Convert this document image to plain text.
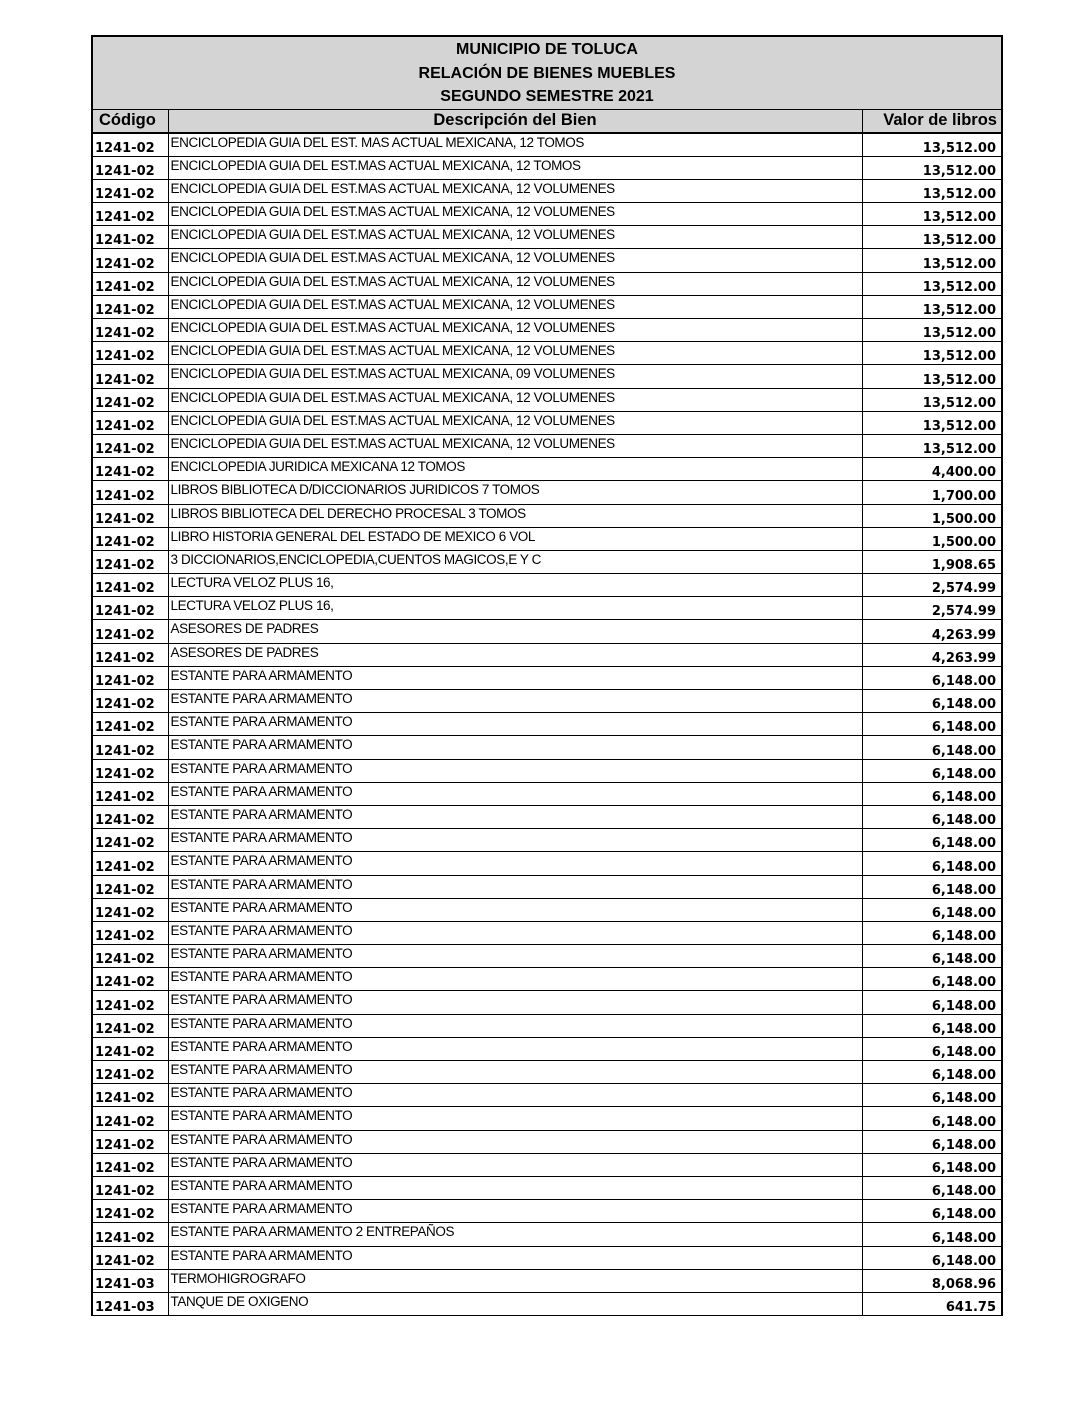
MUNICIPIO DE TOLUCA
RELACIÓN DE BIENES MUEBLES
SEGUNDO SEMESTRE 2021
Código	Descripción del Bien	Valor de libros
1241-02	ENCICLOPEDIA GUIA DEL EST. MAS ACTUAL MEXICANA, 12 TOMOS	13,512.00
1241-02	ENCICLOPEDIA GUIA DEL EST.MAS ACTUAL MEXICANA, 12 TOMOS	13,512.00
1241-02	ENCICLOPEDIA GUIA DEL EST.MAS ACTUAL MEXICANA, 12 VOLUMENES	13,512.00
1241-02	ENCICLOPEDIA GUIA DEL EST.MAS ACTUAL MEXICANA, 12 VOLUMENES	13,512.00
1241-02	ENCICLOPEDIA GUIA DEL EST.MAS ACTUAL MEXICANA, 12 VOLUMENES	13,512.00
1241-02	ENCICLOPEDIA GUIA DEL EST.MAS ACTUAL MEXICANA, 12 VOLUMENES	13,512.00
1241-02	ENCICLOPEDIA GUIA DEL EST.MAS ACTUAL MEXICANA, 12 VOLUMENES	13,512.00
1241-02	ENCICLOPEDIA GUIA DEL EST.MAS ACTUAL MEXICANA, 12 VOLUMENES	13,512.00
1241-02	ENCICLOPEDIA GUIA DEL EST.MAS ACTUAL MEXICANA, 12 VOLUMENES	13,512.00
1241-02	ENCICLOPEDIA GUIA DEL EST.MAS ACTUAL MEXICANA, 12 VOLUMENES	13,512.00
1241-02	ENCICLOPEDIA GUIA DEL EST.MAS ACTUAL MEXICANA, 09 VOLUMENES	13,512.00
1241-02	ENCICLOPEDIA GUIA DEL EST.MAS ACTUAL MEXICANA, 12 VOLUMENES	13,512.00
1241-02	ENCICLOPEDIA GUIA DEL EST.MAS ACTUAL MEXICANA, 12 VOLUMENES	13,512.00
1241-02	ENCICLOPEDIA GUIA DEL EST.MAS ACTUAL MEXICANA, 12 VOLUMENES	13,512.00
1241-02	ENCICLOPEDIA JURIDICA MEXICANA 12 TOMOS	4,400.00
1241-02	LIBROS BIBLIOTECA D/DICCIONARIOS JURIDICOS 7 TOMOS	1,700.00
1241-02	LIBROS BIBLIOTECA DEL DERECHO PROCESAL 3 TOMOS	1,500.00
1241-02	LIBRO HISTORIA GENERAL DEL ESTADO DE MEXICO 6 VOL	1,500.00
1241-02	3 DICCIONARIOS,ENCICLOPEDIA,CUENTOS MAGICOS,E Y C	1,908.65
1241-02	LECTURA VELOZ PLUS 16,	2,574.99
1241-02	LECTURA VELOZ PLUS 16,	2,574.99
1241-02	ASESORES DE PADRES	4,263.99
1241-02	ASESORES DE PADRES	4,263.99
1241-02	ESTANTE PARA ARMAMENTO	6,148.00
1241-02	ESTANTE PARA ARMAMENTO	6,148.00
1241-02	ESTANTE PARA ARMAMENTO	6,148.00
1241-02	ESTANTE PARA ARMAMENTO	6,148.00
1241-02	ESTANTE PARA ARMAMENTO	6,148.00
1241-02	ESTANTE PARA ARMAMENTO	6,148.00
1241-02	ESTANTE PARA ARMAMENTO	6,148.00
1241-02	ESTANTE PARA ARMAMENTO	6,148.00
1241-02	ESTANTE PARA ARMAMENTO	6,148.00
1241-02	ESTANTE PARA ARMAMENTO	6,148.00
1241-02	ESTANTE PARA ARMAMENTO	6,148.00
1241-02	ESTANTE PARA ARMAMENTO	6,148.00
1241-02	ESTANTE PARA ARMAMENTO	6,148.00
1241-02	ESTANTE PARA ARMAMENTO	6,148.00
1241-02	ESTANTE PARA ARMAMENTO	6,148.00
1241-02	ESTANTE PARA ARMAMENTO	6,148.00
1241-02	ESTANTE PARA ARMAMENTO	6,148.00
1241-02	ESTANTE PARA ARMAMENTO	6,148.00
1241-02	ESTANTE PARA ARMAMENTO	6,148.00
1241-02	ESTANTE PARA ARMAMENTO	6,148.00
1241-02	ESTANTE PARA ARMAMENTO	6,148.00
1241-02	ESTANTE PARA ARMAMENTO	6,148.00
1241-02	ESTANTE PARA ARMAMENTO	6,148.00
1241-02	ESTANTE PARA ARMAMENTO	6,148.00
1241-02	ESTANTE PARA ARMAMENTO 2 ENTREPAÑOS	6,148.00
1241-02	ESTANTE PARA ARMAMENTO	6,148.00
1241-03	TERMOHIGROGRAFO	8,068.96
1241-03	TANQUE DE OXIGENO	641.75
